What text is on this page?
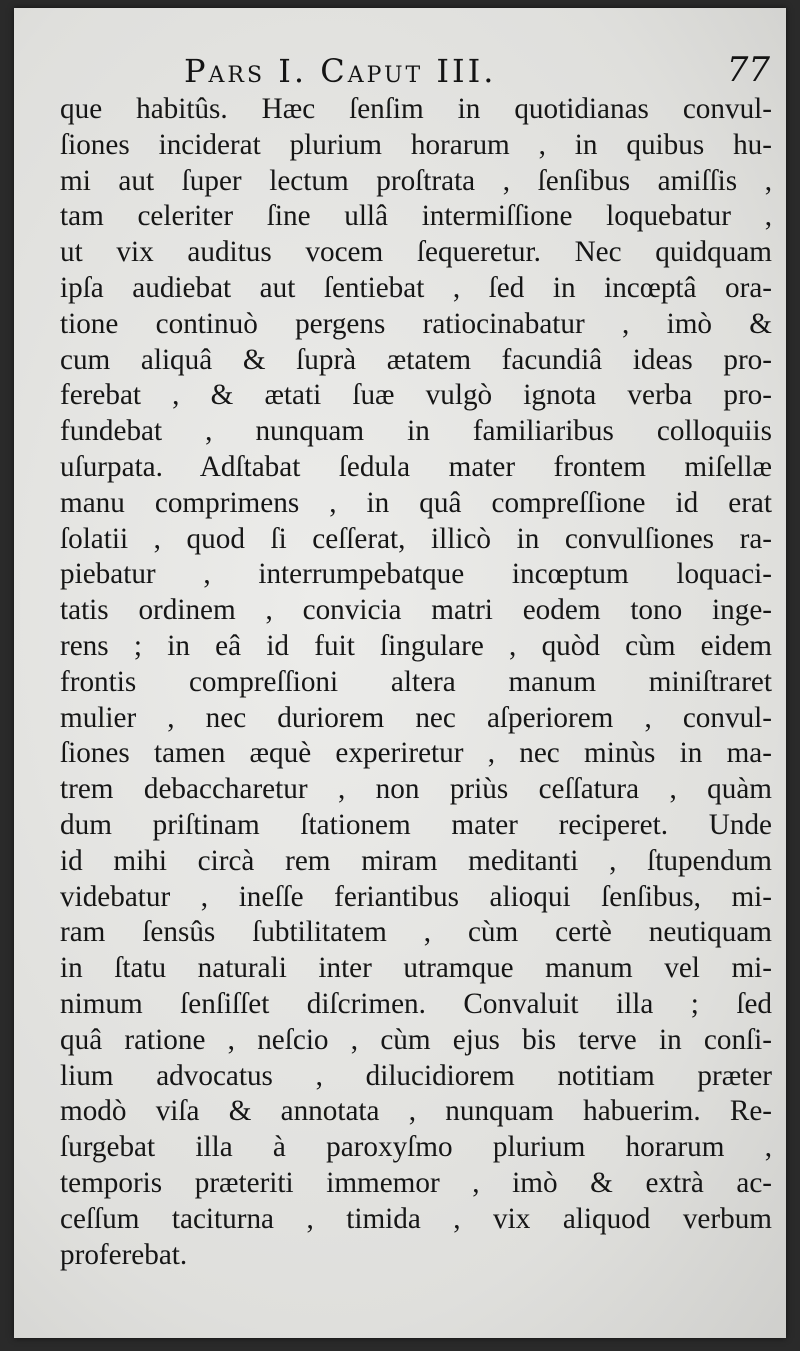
Pars I. Caput III.	77
que habitûs. Hæc ſenſim in quotidianas convul-
ſiones inciderat plurium horarum , in quibus hu-
mi aut ſuper lectum proſtrata , ſenſibus amiſſis ,
tam celeriter ſine ullâ intermiſſione loquebatur ,
ut vix auditus vocem ſequeretur. Nec quidquam
ipſa audiebat aut ſentiebat , ſed in incœptâ ora-
tione continuò pergens ratiocinabatur , imò &
cum aliquâ & ſuprà ætatem facundiâ ideas pro-
ferebat , & ætati ſuæ vulgò ignota verba pro-
fundebat , nunquam in familiaribus colloquiis
uſurpata. Adſtabat ſedula mater frontem miſellæ
manu comprimens , in quâ compreſſione id erat
ſolatii , quod ſi ceſſerat, illicò in convulſiones ra-
piebatur , interrumpebatque incœptum loquaci-
tatis ordinem , convicia matri eodem tono inge-
rens ; in eâ id fuit ſingulare , quòd cùm eidem
frontis compreſſioni altera manum miniſtraret
mulier , nec duriorem nec aſperiorem , convul-
ſiones tamen æquè experiretur , nec minùs in ma-
trem debaccharetur , non priùs ceſſatura , quàm
dum priſtinam ſtationem mater reciperet. Unde
id mihi circà rem miram meditanti , ſtupendum
videbatur , ineſſe feriantibus alioqui ſenſibus, mi-
ram ſensûs ſubtilitatem , cùm certè neutiquam
in ſtatu naturali inter utramque manum vel mi-
nimum ſenſiſſet diſcrimen. Convaluit illa ; ſed
quâ ratione , neſcio , cùm ejus bis terve in conſi-
lium advocatus , dilucidiorem notitiam præter
modò viſa & annotata , nunquam habuerim. Re-
ſurgebat illa à paroxyſmo plurium horarum ,
temporis præteriti immemor , imò & extrà ac-
ceſſum taciturna , timida , vix aliquod verbum
proferebat.
